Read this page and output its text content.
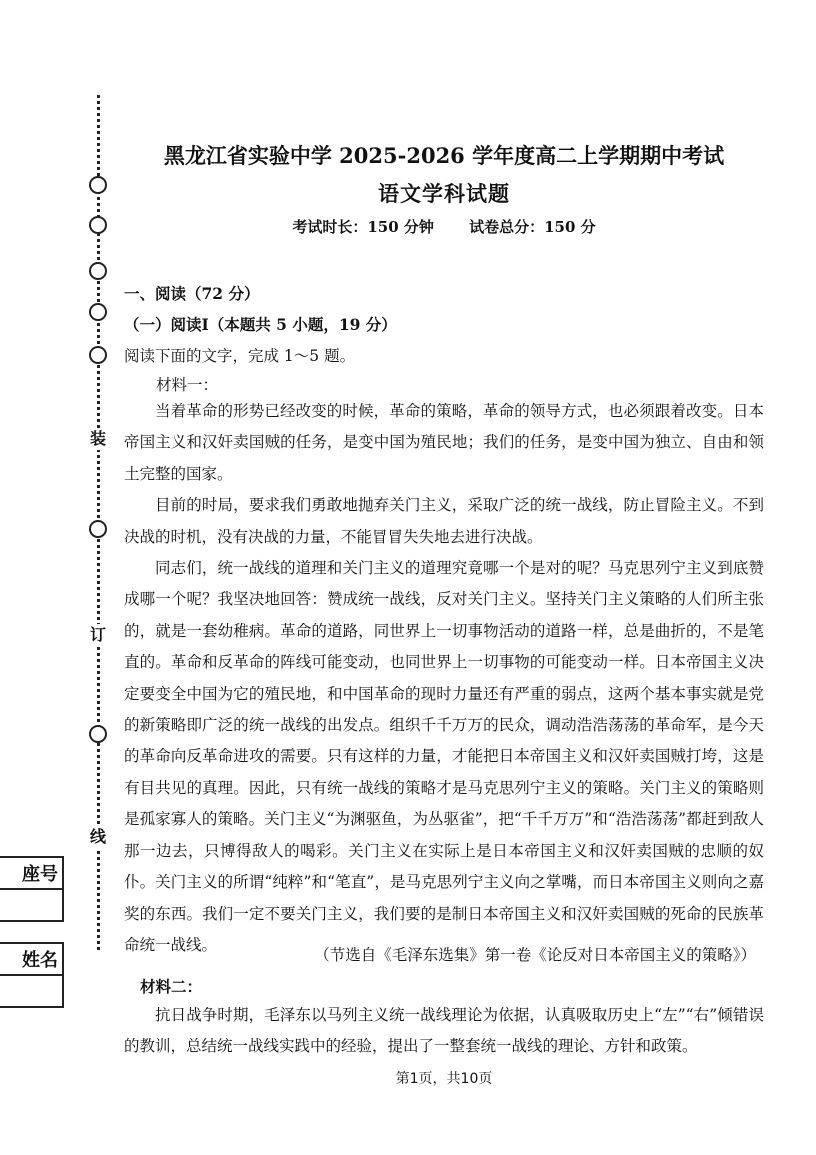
装
订
线
座号
姓名
黑龙江省实验中学 2025-2026 学年度高二上学期期中考试
语文学科试题
考试时长：150 分钟 试卷总分：150 分
一、阅读（72 分）
（一）阅读Ⅰ（本题共 5 小题，19 分）
阅读下面的文字，完成 1～5 题。
材料一：

当着革命的形势已经改变的时候，革命的策略，革命的领导方式，也必须跟着改变。日本帝国主义和汉奸卖国贼的任务，是变中国为殖民地；我们的任务，是变中国为独立、自由和领土完整的国家。

目前的时局，要求我们勇敢地抛弃关门主义，采取广泛的统一战线，防止冒险主义。不到决战的时机，没有决战的力量，不能冒冒失失地去进行决战。

同志们，统一战线的道理和关门主义的道理究竟哪一个是对的呢？马克思列宁主义到底赞成哪一个呢？我坚决地回答：赞成统一战线，反对关门主义。坚持关门主义策略的人们所主张的，就是一套幼稚病。革命的道路，同世界上一切事物活动的道路一样，总是曲折的，不是笔直的。革命和反革命的阵线可能变动，也同世界上一切事物的可能变动一样。日本帝国主义决定要变全中国为它的殖民地，和中国革命的现时力量还有严重的弱点，这两个基本事实就是党的新策略即广泛的统一战线的出发点。组织千千万万的民众，调动浩浩荡荡的革命军，是今天的革命向反革命进攻的需要。只有这样的力量，才能把日本帝国主义和汉奸卖国贼打垮，这是有目共见的真理。因此，只有统一战线的策略才是马克思列宁主义的策略。关门主义的策略则是孤家寡人的策略。关门主义“为渊驱鱼，为丛驱雀”，把“千千万万”和“浩浩荡荡”都赶到敌人那一边去，只博得敌人的喝彩。关门主义在实际上是日本帝国主义和汉奸卖国贼的忠顺的奴仆。关门主义的所谓“纯粹”和“笔直”，是马克思列宁主义向之掌嘴，而日本帝国主义则向之嘉奖的东西。我们一定不要关门主义，我们要的是制日本帝国主义和汉奸卖国贼的死命的民族革命统一战线。

（节选自《毛泽东选集》第一卷《论反对日本帝国主义的策略》）
材料二：

抗日战争时期，毛泽东以马列主义统一战线理论为依据，认真吸取历史上“左”“右”倾错误的教训，总结统一战线实践中的经验，提出了一整套统一战线的理论、方针和政策。

第1页，共10页
